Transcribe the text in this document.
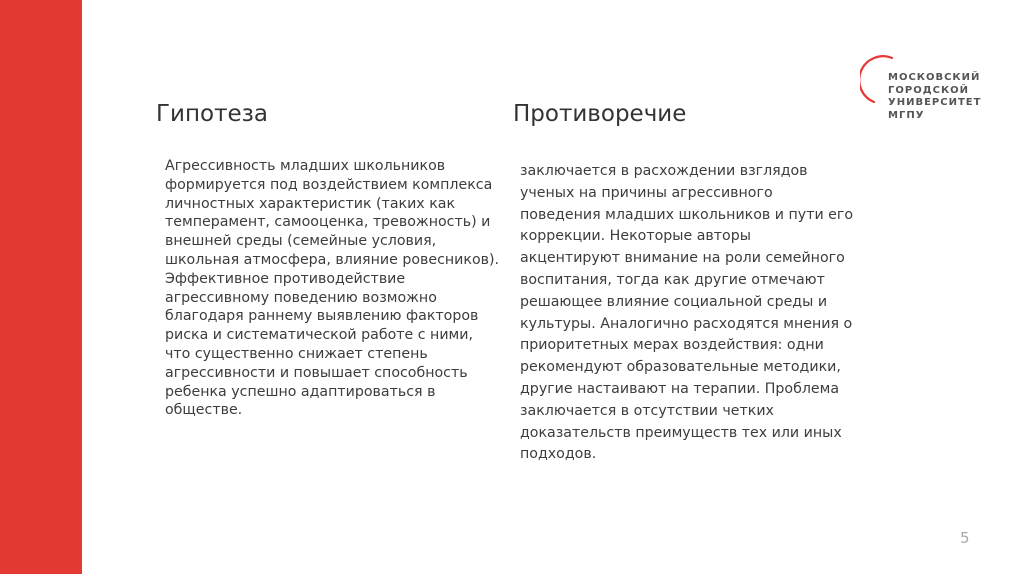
МОСКОВСКИЙ
ГОРОДСКОЙ
УНИВЕРСИТЕТ
МГПУ
Гипотеза	Противоречие
Агрессивность младших школьников
формируется под воздействием комплекса
личностных характеристик (таких как
темперамент, самооценка, тревожность) и
внешней среды (семейные условия,
школьная атмосфера, влияние ровесников).
Эффективное противодействие
агрессивному поведению возможно
благодаря раннему выявлению факторов
риска и систематической работе с ними,
что существенно снижает степень
агрессивности и повышает способность
ребенка успешно адаптироваться в
обществе.
заключается в расхождении взглядов
ученых на причины агрессивного
поведения младших школьников и пути его
коррекции. Некоторые авторы
акцентируют внимание на роли семейного
воспитания, тогда как другие отмечают
решающее влияние социальной среды и
культуры. Аналогично расходятся мнения о
приоритетных мерах воздействия: одни
рекомендуют образовательные методики,
другие настаивают на терапии. Проблема
заключается в отсутствии четких
доказательств преимуществ тех или иных
подходов.
5
